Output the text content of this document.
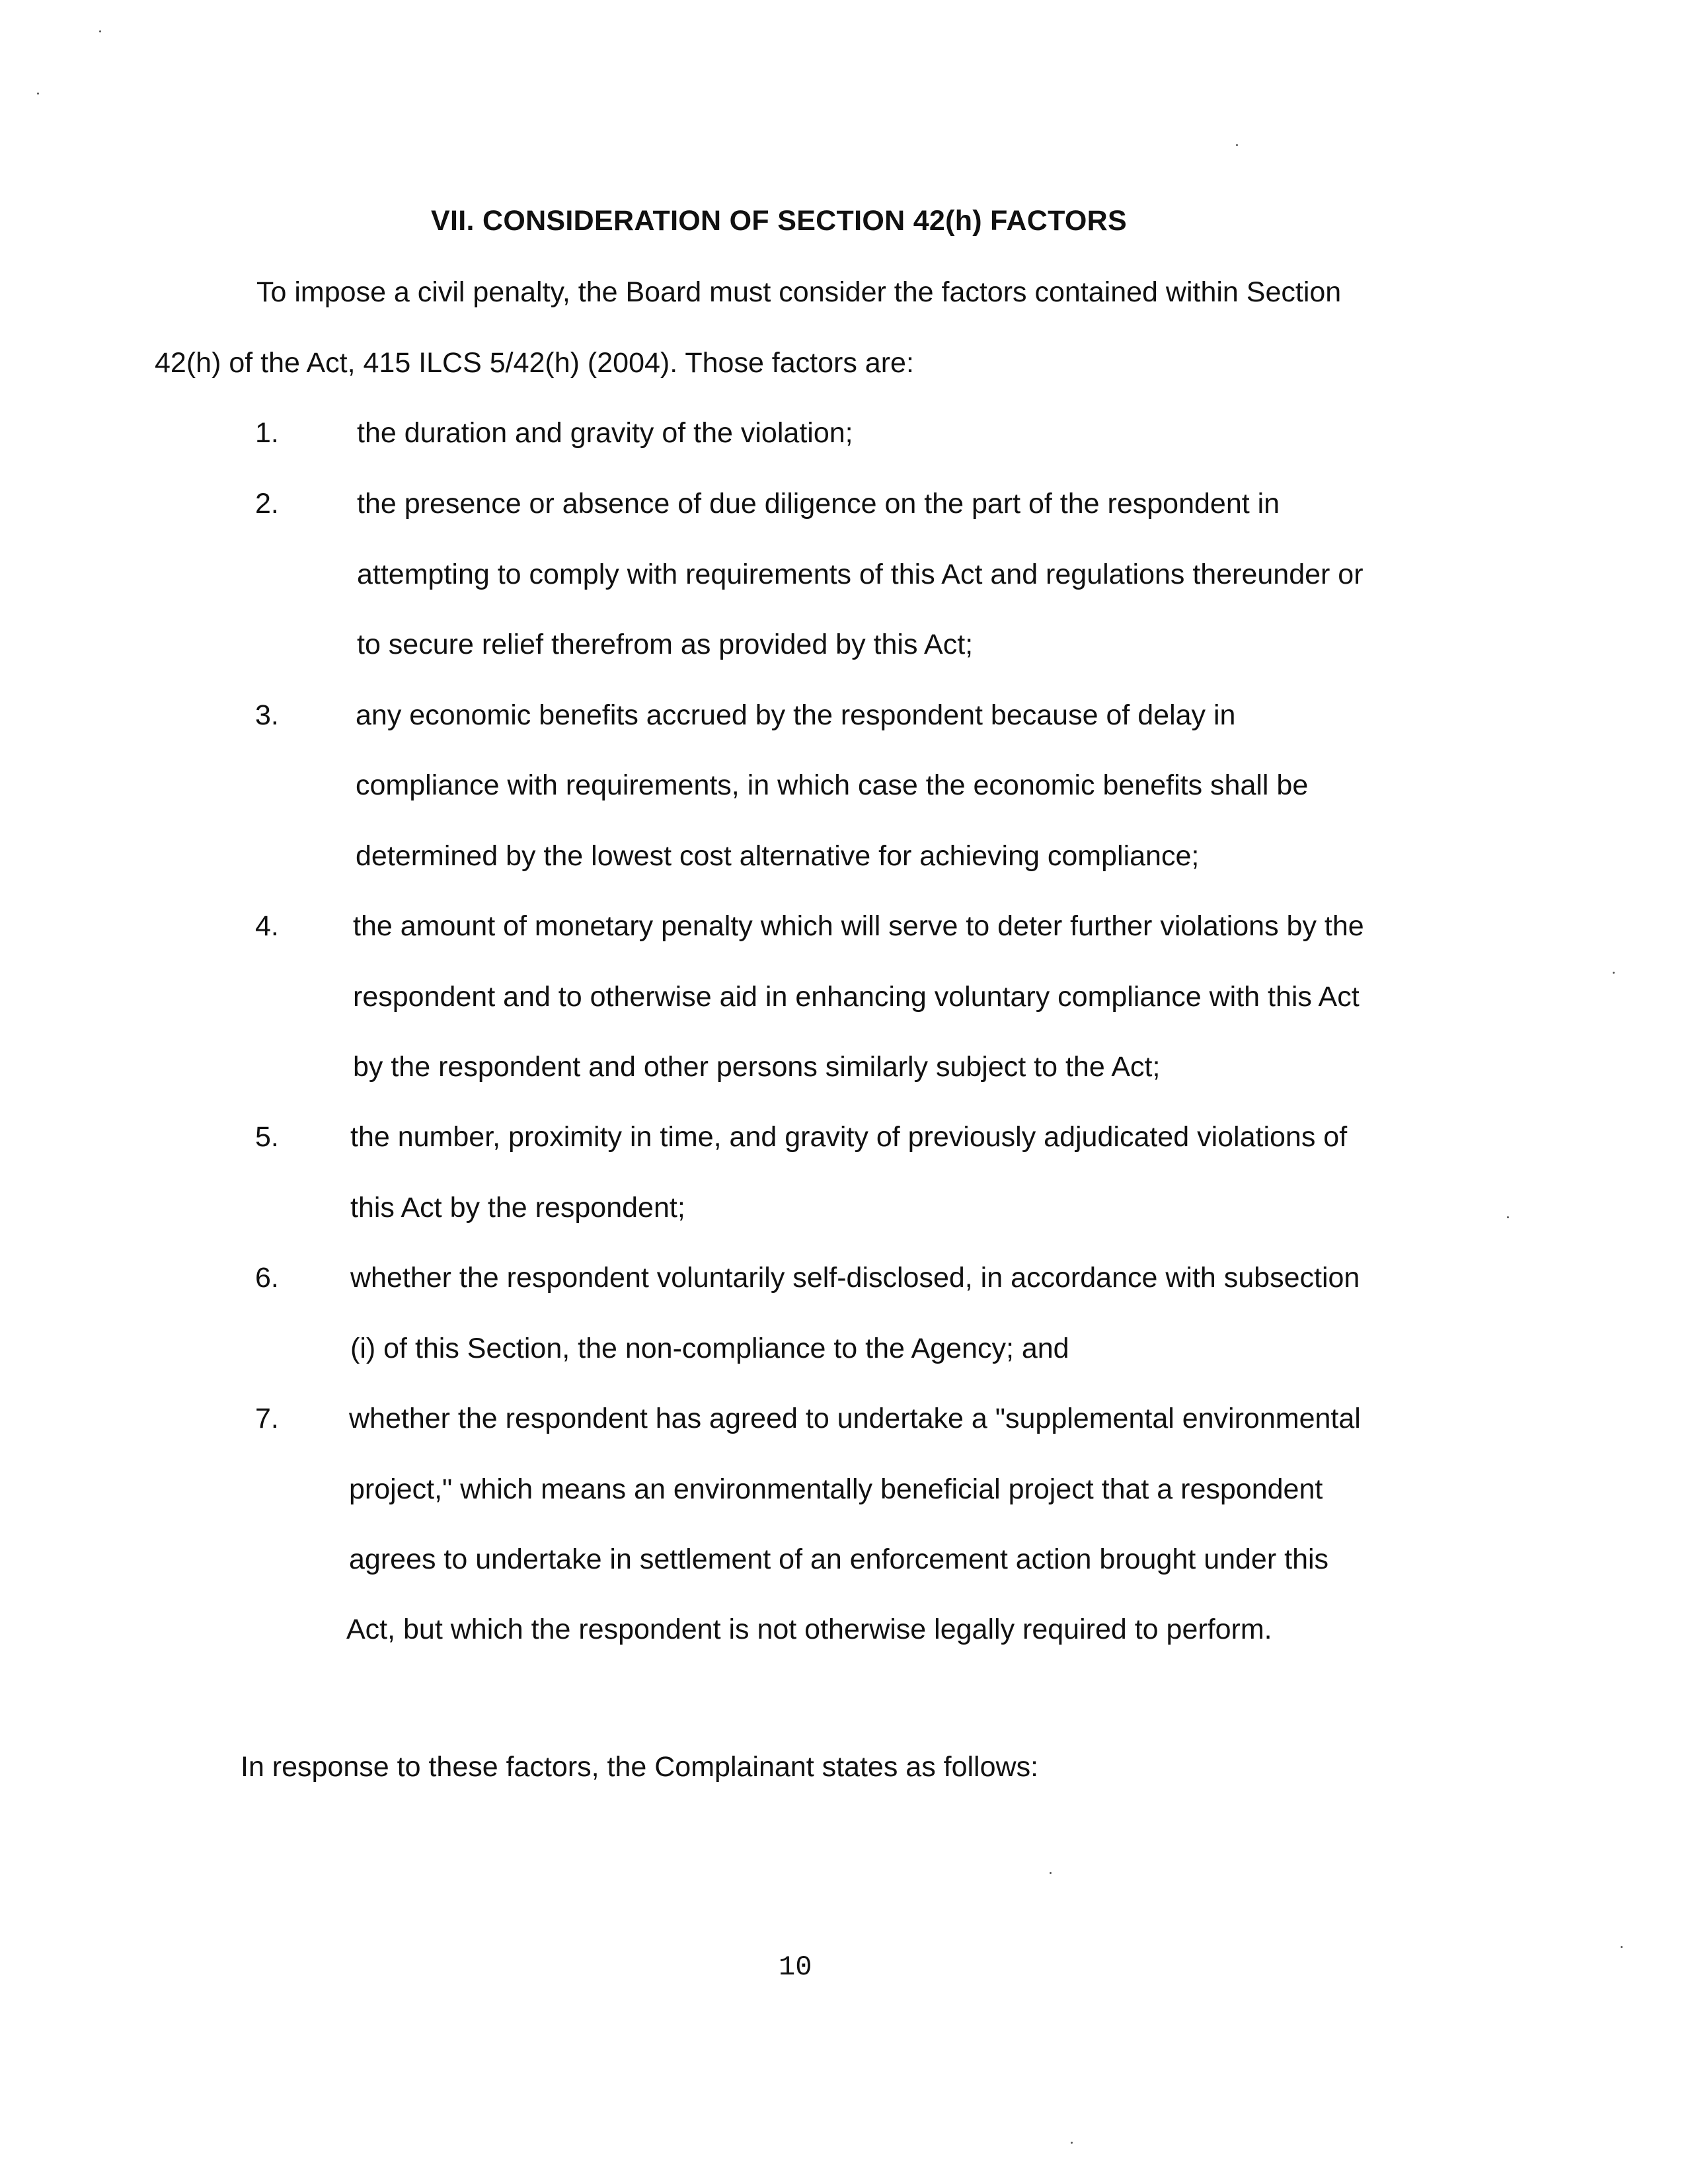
VII. CONSIDERATION OF SECTION 42(h) FACTORS
To impose a civil penalty, the Board must consider the factors contained within Section
42(h) of the Act, 415 ILCS 5/42(h) (2004). Those factors are:
1.	the duration and gravity of the violation;
2.	the presence or absence of due diligence on the part of the respondent in
attempting to comply with requirements of this Act and regulations thereunder or
to secure relief therefrom as provided by this Act;
3.	any economic benefits accrued by the respondent because of delay in
compliance with requirements, in which case the economic benefits shall be
determined by the lowest cost alternative for achieving compliance;
4.	the amount of monetary penalty which will serve to deter further violations by the
respondent and to otherwise aid in enhancing voluntary compliance with this Act
by the respondent and other persons similarly subject to the Act;
5.	the number, proximity in time, and gravity of previously adjudicated violations of
this Act by the respondent;
6.	whether the respondent voluntarily self-disclosed, in accordance with subsection
(i) of this Section, the non-compliance to the Agency; and
7. whether the respondent has agreed to undertake a "supplemental environmental
project," which means an environmentally beneficial project that a respondent
agrees to undertake in settlement of an enforcement action brought under this
Act, but which the respondent is not otherwise legally required to perform.
In response to these factors, the Complainant states as follows:
10
